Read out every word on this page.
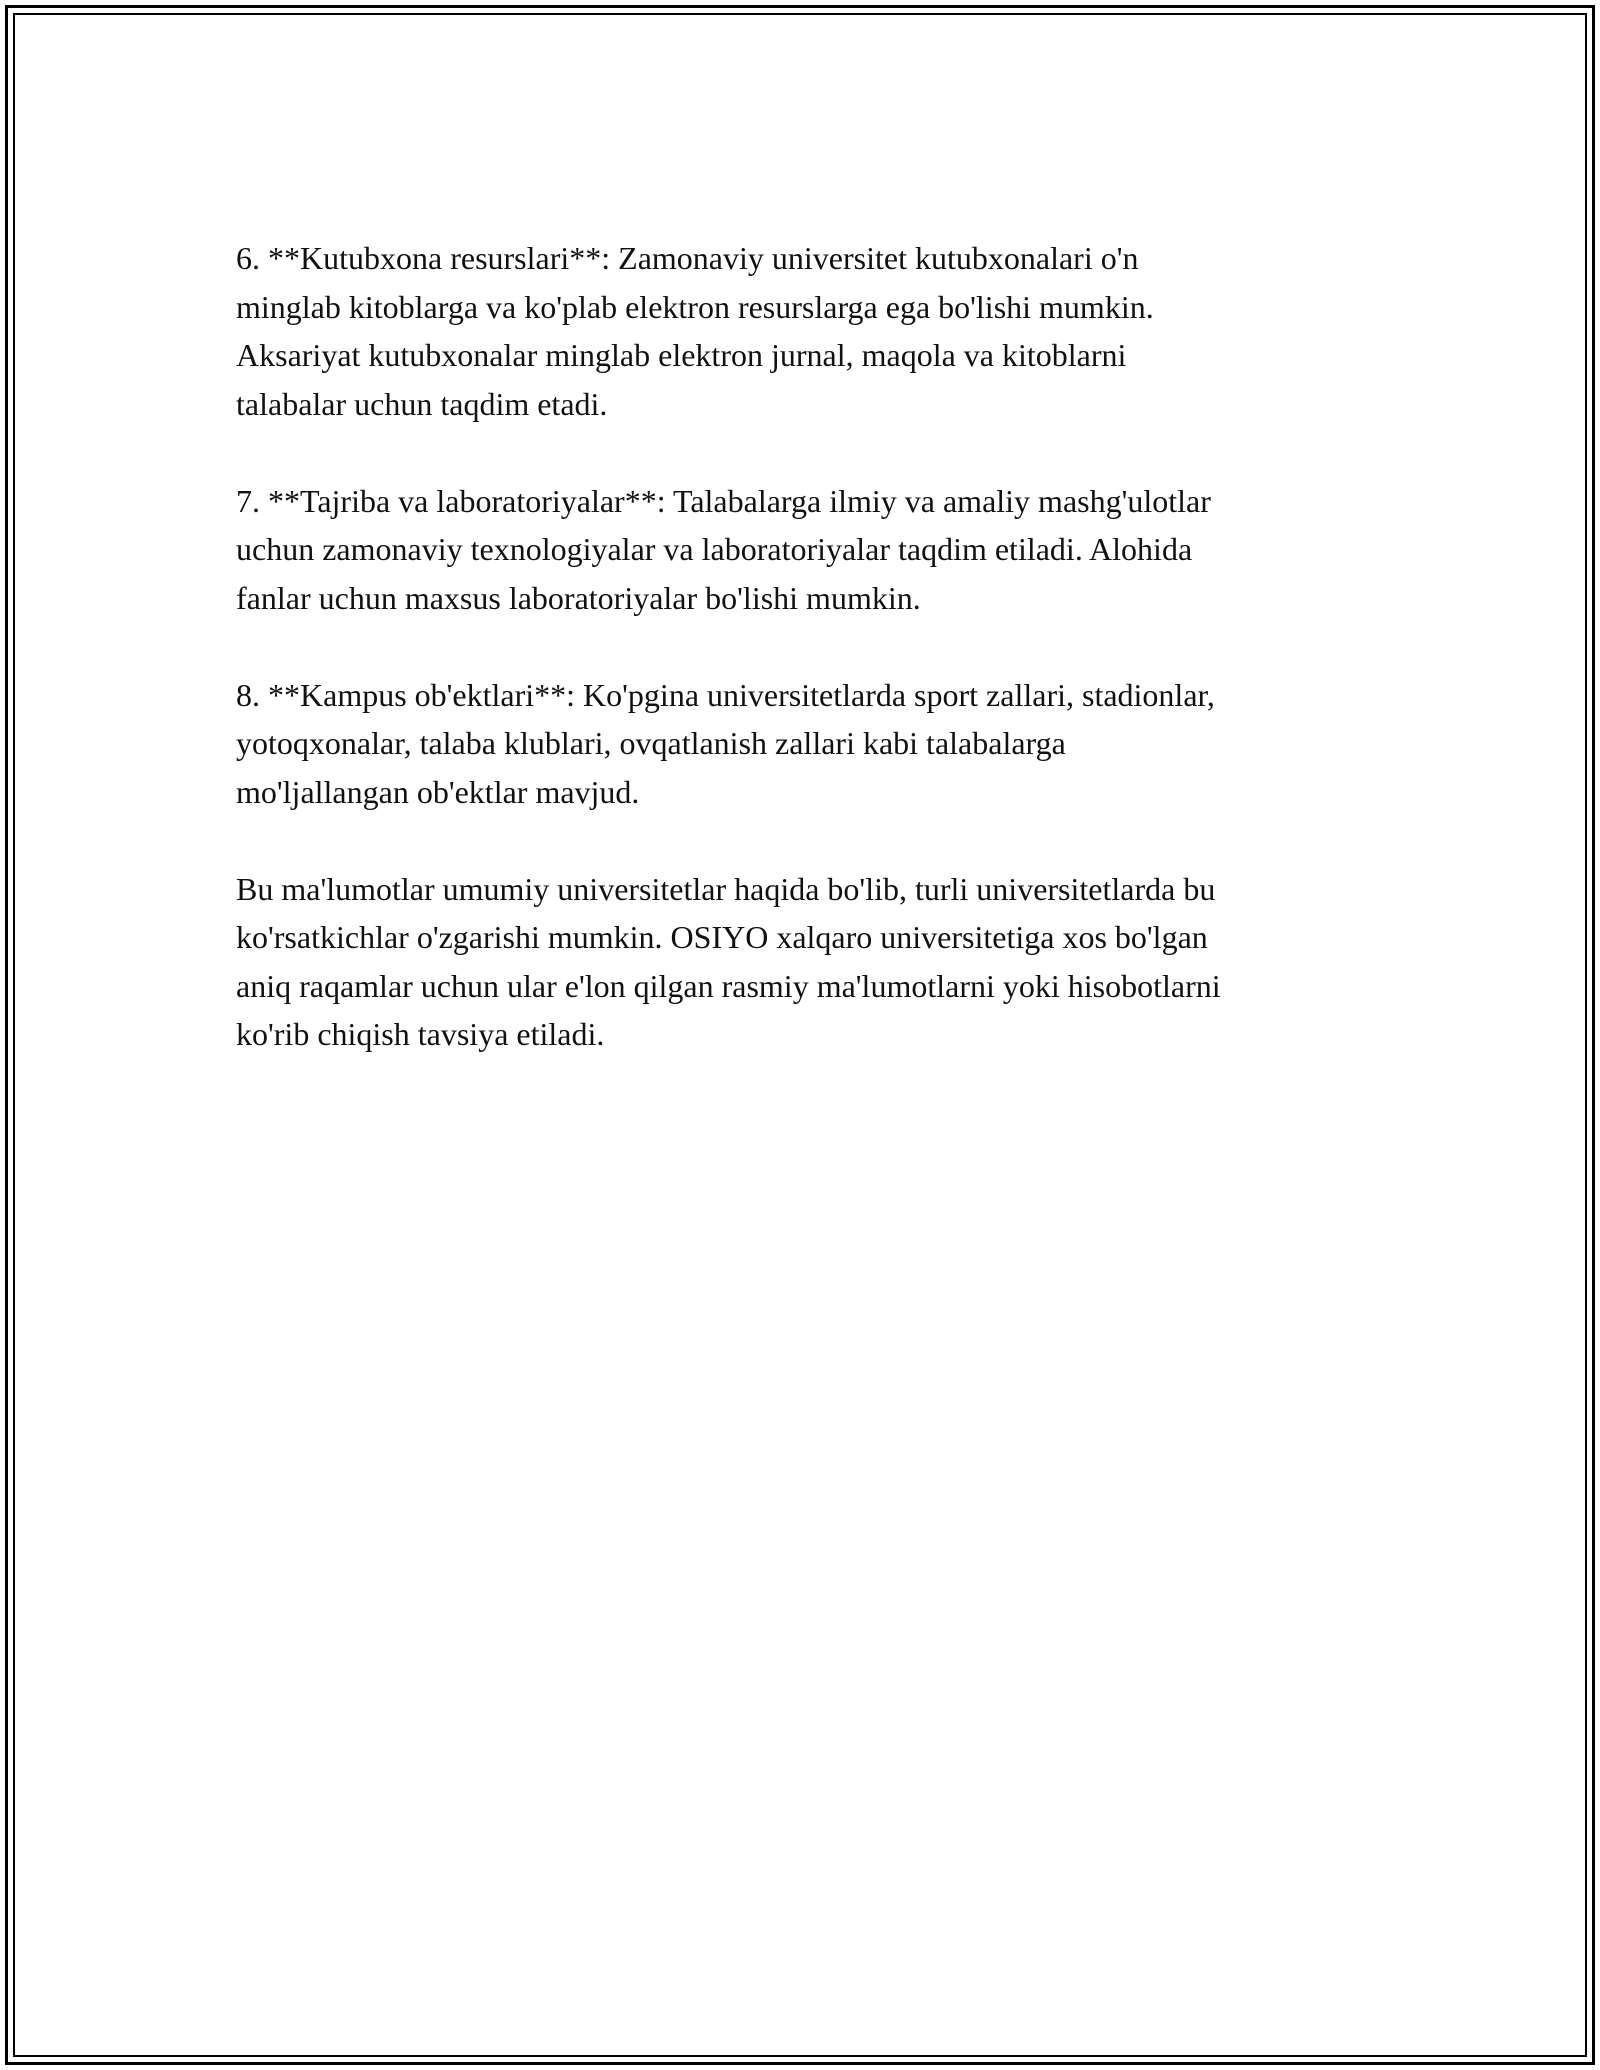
6. **Kutubxona resurslari**: Zamonaviy universitet kutubxonalari o'n
minglab kitoblarga va ko'plab elektron resurslarga ega bo'lishi mumkin.
Aksariyat kutubxonalar minglab elektron jurnal, maqola va kitoblarni
talabalar uchun taqdim etadi.

7. **Tajriba va laboratoriyalar**: Talabalarga ilmiy va amaliy mashg'ulotlar
uchun zamonaviy texnologiyalar va laboratoriyalar taqdim etiladi. Alohida
fanlar uchun maxsus laboratoriyalar bo'lishi mumkin.

8. **Kampus ob'ektlari**: Ko'pgina universitetlarda sport zallari, stadionlar,
yotoqxonalar, talaba klublari, ovqatlanish zallari kabi talabalarga
mo'ljallangan ob'ektlar mavjud.

Bu ma'lumotlar umumiy universitetlar haqida bo'lib, turli universitetlarda bu
ko'rsatkichlar o'zgarishi mumkin. OSIYO xalqaro universitetiga xos bo'lgan
aniq raqamlar uchun ular e'lon qilgan rasmiy ma'lumotlarni yoki hisobotlarni
ko'rib chiqish tavsiya etiladi.
